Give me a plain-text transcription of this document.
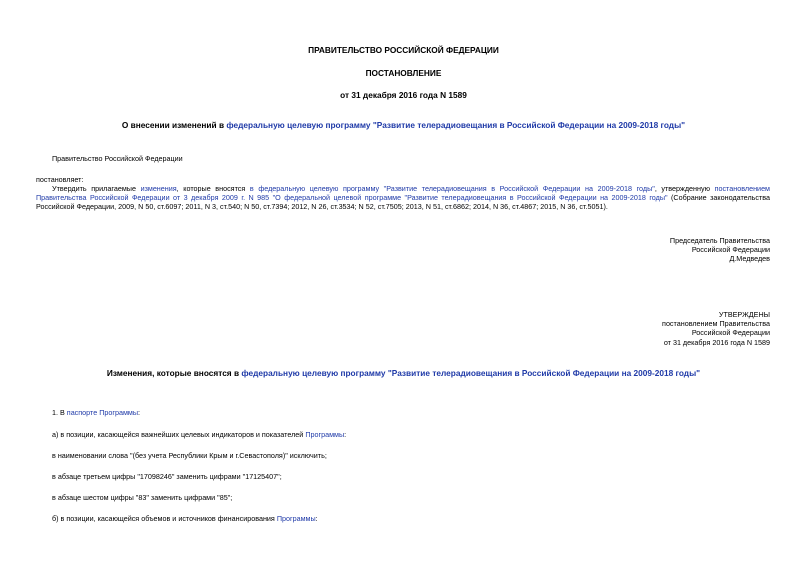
ПРАВИТЕЛЬСТВО РОССИЙСКОЙ ФЕДЕРАЦИИ
ПОСТАНОВЛЕНИЕ
от 31 декабря 2016 года N 1589
О внесении изменений в федеральную целевую программу "Развитие телерадиовещания в Российской Федерации на 2009-2018 годы"
Правительство Российской Федерации
постановляет:
Утвердить прилагаемые изменения, которые вносятся в федеральную целевую программу "Развитие телерадиовещания в Российской Федерации на 2009-2018 годы", утвержденную постановлением Правительства Российской Федерации от 3 декабря 2009 г. N 985 "О федеральной целевой программе "Развитие телерадиовещания в Российской Федерации на 2009-2018 годы" (Собрание законодательства Российской Федерации, 2009, N 50, ст.6097; 2011, N 3, ст.540; N 50, ст.7394; 2012, N 26, ст.3534; N 52, ст.7505; 2013, N 51, ст.6862; 2014, N 36, ст.4867; 2015, N 36, ст.5051).
Председатель Правительства
Российской Федерации
Д.Медведев
УТВЕРЖДЕНЫ
постановлением Правительства
Российской Федерации
от 31 декабря 2016 года N 1589
Изменения, которые вносятся в федеральную целевую программу "Развитие телерадиовещания в Российской Федерации на 2009-2018 годы"
1. В паспорте Программы:
а) в позиции, касающейся важнейших целевых индикаторов и показателей Программы:
в наименовании слова "(без учета Республики Крым и г.Севастополя)" исключить;
в абзаце третьем цифры "17098246" заменить цифрами "17125407";
в абзаце шестом цифры "83" заменить цифрами "85";
б) в позиции, касающейся объемов и источников финансирования Программы:
